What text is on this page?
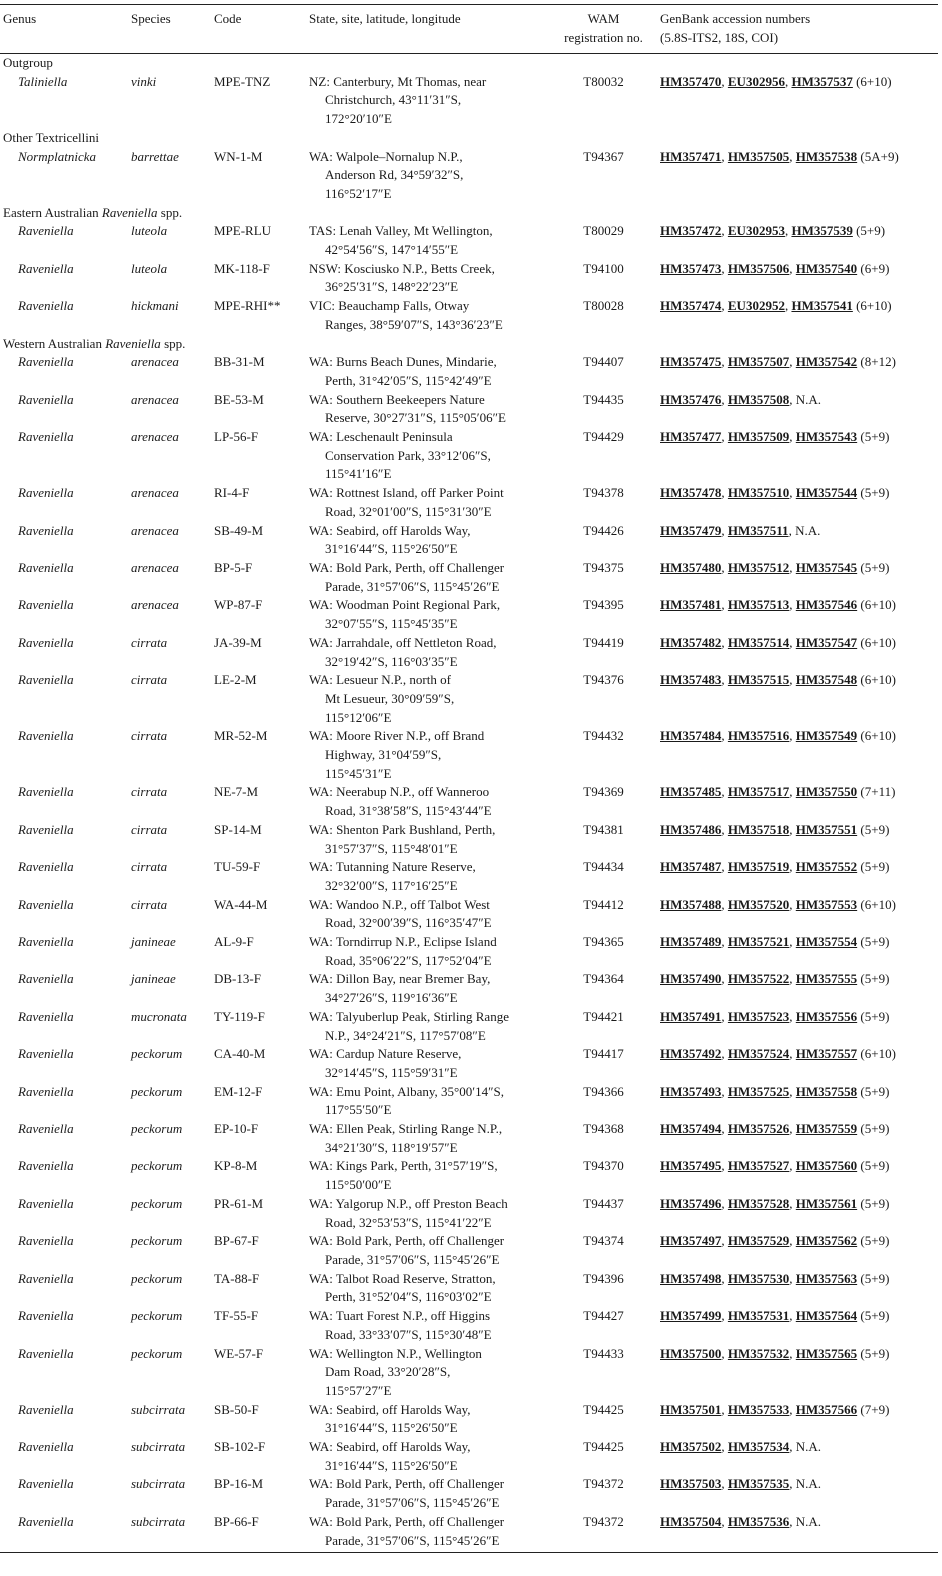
Genus	Species	Code	State, site, latitude, longitude	WAM
registration no.	GenBank accession numbers
(5.8S-ITS2, 18S, COI)
Outgroup					
Taliniella	vinki	MPE-TNZ	NZ: Canterbury, Mt Thomas, near
Christchurch, 43°11′31″S,
172°20′10″E	T80032	HM357470, EU302956, HM357537 (6+10)
Other Textricellini					
Normplatnicka	barrettae	WN-1-M	WA: Walpole–Nornalup N.P.,
Anderson Rd, 34°59′32″S,
116°52′17″E	T94367	HM357471, HM357505, HM357538 (5A+9)
Eastern Australian Raveniella spp.					
Raveniella	luteola	MPE-RLU	TAS: Lenah Valley, Mt Wellington,
42°54′56″S, 147°14′55″E	T80029	HM357472, EU302953, HM357539 (5+9)
Raveniella	luteola	MK-118-F	NSW: Kosciusko N.P., Betts Creek,
36°25′31″S, 148°22′23″E	T94100	HM357473, HM357506, HM357540 (6+9)
Raveniella	hickmani	MPE-RHI**	VIC: Beauchamp Falls, Otway
Ranges, 38°59′07″S, 143°36′23″E	T80028	HM357474, EU302952, HM357541 (6+10)
Western Australian Raveniella spp.					
Raveniella	arenacea	BB-31-M	WA: Burns Beach Dunes, Mindarie,
Perth, 31°42′05″S, 115°42′49″E	T94407	HM357475, HM357507, HM357542 (8+12)
Raveniella	arenacea	BE-53-M	WA: Southern Beekeepers Nature
Reserve, 30°27′31″S, 115°05′06″E	T94435	HM357476, HM357508, N.A.
Raveniella	arenacea	LP-56-F	WA: Leschenault Peninsula
Conservation Park, 33°12′06″S,
115°41′16″E	T94429	HM357477, HM357509, HM357543 (5+9)
Raveniella	arenacea	RI-4-F	WA: Rottnest Island, off Parker Point
Road, 32°01′00″S, 115°31′30″E	T94378	HM357478, HM357510, HM357544 (5+9)
Raveniella	arenacea	SB-49-M	WA: Seabird, off Harolds Way,
31°16′44″S, 115°26′50″E	T94426	HM357479, HM357511, N.A.
Raveniella	arenacea	BP-5-F	WA: Bold Park, Perth, off Challenger
Parade, 31°57′06″S, 115°45′26″E	T94375	HM357480, HM357512, HM357545 (5+9)
Raveniella	arenacea	WP-87-F	WA: Woodman Point Regional Park,
32°07′55″S, 115°45′35″E	T94395	HM357481, HM357513, HM357546 (6+10)
Raveniella	cirrata	JA-39-M	WA: Jarrahdale, off Nettleton Road,
32°19′42″S, 116°03′35″E	T94419	HM357482, HM357514, HM357547 (6+10)
Raveniella	cirrata	LE-2-M	WA: Lesueur N.P., north of
Mt Lesueur, 30°09′59″S,
115°12′06″E	T94376	HM357483, HM357515, HM357548 (6+10)
Raveniella	cirrata	MR-52-M	WA: Moore River N.P., off Brand
Highway, 31°04′59″S,
115°45′31″E	T94432	HM357484, HM357516, HM357549 (6+10)
Raveniella	cirrata	NE-7-M	WA: Neerabup N.P., off Wanneroo
Road, 31°38′58″S, 115°43′44″E	T94369	HM357485, HM357517, HM357550 (7+11)
Raveniella	cirrata	SP-14-M	WA: Shenton Park Bushland, Perth,
31°57′37″S, 115°48′01″E	T94381	HM357486, HM357518, HM357551 (5+9)
Raveniella	cirrata	TU-59-F	WA: Tutanning Nature Reserve,
32°32′00″S, 117°16′25″E	T94434	HM357487, HM357519, HM357552 (5+9)
Raveniella	cirrata	WA-44-M	WA: Wandoo N.P., off Talbot West
Road, 32°00′39″S, 116°35′47″E	T94412	HM357488, HM357520, HM357553 (6+10)
Raveniella	janineae	AL-9-F	WA: Torndirrup N.P., Eclipse Island
Road, 35°06′22″S, 117°52′04″E	T94365	HM357489, HM357521, HM357554 (5+9)
Raveniella	janineae	DB-13-F	WA: Dillon Bay, near Bremer Bay,
34°27′26″S, 119°16′36″E	T94364	HM357490, HM357522, HM357555 (5+9)
Raveniella	mucronata	TY-119-F	WA: Talyuberlup Peak, Stirling Range
N.P., 34°24′21″S, 117°57′08″E	T94421	HM357491, HM357523, HM357556 (5+9)
Raveniella	peckorum	CA-40-M	WA: Cardup Nature Reserve,
32°14′45″S, 115°59′31″E	T94417	HM357492, HM357524, HM357557 (6+10)
Raveniella	peckorum	EM-12-F	WA: Emu Point, Albany, 35°00′14″S,
117°55′50″E	T94366	HM357493, HM357525, HM357558 (5+9)
Raveniella	peckorum	EP-10-F	WA: Ellen Peak, Stirling Range N.P.,
34°21′30″S, 118°19′57″E	T94368	HM357494, HM357526, HM357559 (5+9)
Raveniella	peckorum	KP-8-M	WA: Kings Park, Perth, 31°57′19″S,
115°50′00″E	T94370	HM357495, HM357527, HM357560 (5+9)
Raveniella	peckorum	PR-61-M	WA: Yalgorup N.P., off Preston Beach
Road, 32°53′53″S, 115°41′22″E	T94437	HM357496, HM357528, HM357561 (5+9)
Raveniella	peckorum	BP-67-F	WA: Bold Park, Perth, off Challenger
Parade, 31°57′06″S, 115°45′26″E	T94374	HM357497, HM357529, HM357562 (5+9)
Raveniella	peckorum	TA-88-F	WA: Talbot Road Reserve, Stratton,
Perth, 31°52′04″S, 116°03′02″E	T94396	HM357498, HM357530, HM357563 (5+9)
Raveniella	peckorum	TF-55-F	WA: Tuart Forest N.P., off Higgins
Road, 33°33′07″S, 115°30′48″E	T94427	HM357499, HM357531, HM357564 (5+9)
Raveniella	peckorum	WE-57-F	WA: Wellington N.P., Wellington
Dam Road, 33°20′28″S,
115°57′27″E	T94433	HM357500, HM357532, HM357565 (5+9)
Raveniella	subcirrata	SB-50-F	WA: Seabird, off Harolds Way,
31°16′44″S, 115°26′50″E	T94425	HM357501, HM357533, HM357566 (7+9)
Raveniella	subcirrata	SB-102-F	WA: Seabird, off Harolds Way,
31°16′44″S, 115°26′50″E	T94425	HM357502, HM357534, N.A.
Raveniella	subcirrata	BP-16-M	WA: Bold Park, Perth, off Challenger
Parade, 31°57′06″S, 115°45′26″E	T94372	HM357503, HM357535, N.A.
Raveniella	subcirrata	BP-66-F	WA: Bold Park, Perth, off Challenger
Parade, 31°57′06″S, 115°45′26″E	T94372	HM357504, HM357536, N.A.
